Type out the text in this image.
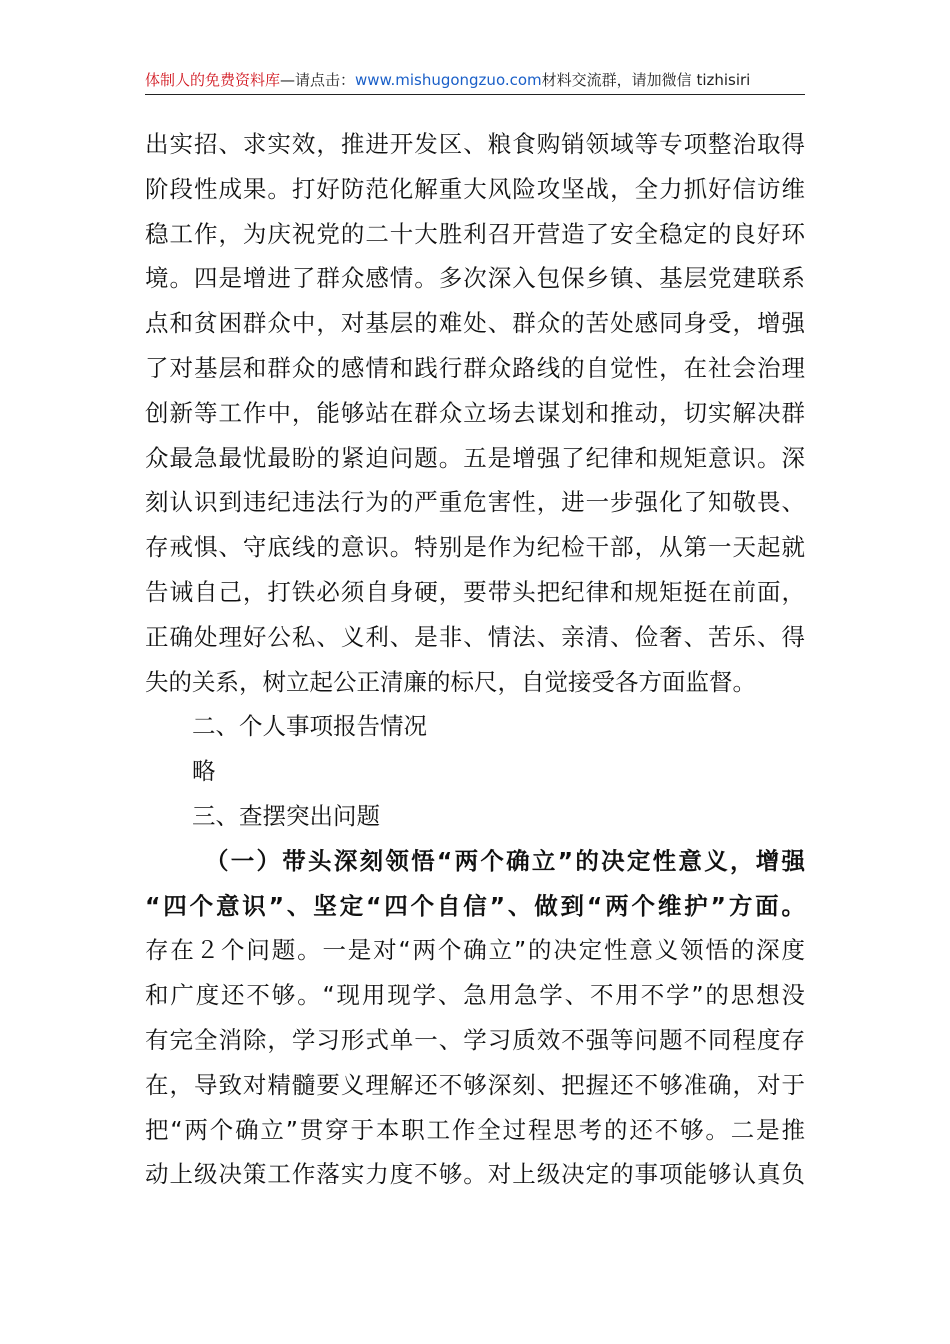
体制人的免费资料库—请点击：www.mishugongzuo.com材料交流群，请加微信 tizhisiri
出实招、求实效，推进开发区、粮食购销领域等专项整治取得
阶段性成果。打好防范化解重大风险攻坚战，全力抓好信访维
稳工作，为庆祝党的二十大胜利召开营造了安全稳定的良好环
境。四是增进了群众感情。多次深入包保乡镇、基层党建联系
点和贫困群众中，对基层的难处、群众的苦处感同身受，增强
了对基层和群众的感情和践行群众路线的自觉性，在社会治理
创新等工作中，能够站在群众立场去谋划和推动，切实解决群
众最急最忧最盼的紧迫问题。五是增强了纪律和规矩意识。深
刻认识到违纪违法行为的严重危害性，进一步强化了知敬畏、
存戒惧、守底线的意识。特别是作为纪检干部，从第一天起就
告诫自己，打铁必须自身硬，要带头把纪律和规矩挺在前面，
正确处理好公私、义利、是非、情法、亲清、俭奢、苦乐、得
失的关系，树立起公正清廉的标尺，自觉接受各方面监督。
二、个人事项报告情况
略
三、查摆突出问题
（一）带头深刻领悟“两个确立”的决定性意义，增强
“四个意识”、坚定“四个自信”、做到“两个维护”方面。
存在２个问题。一是对“两个确立”的决定性意义领悟的深度
和广度还不够。“现用现学、急用急学、不用不学”的思想没
有完全消除，学习形式单一、学习质效不强等问题不同程度存
在，导致对精髓要义理解还不够深刻、把握还不够准确，对于
把“两个确立”贯穿于本职工作全过程思考的还不够。二是推
动上级决策工作落实力度不够。对上级决定的事项能够认真负
